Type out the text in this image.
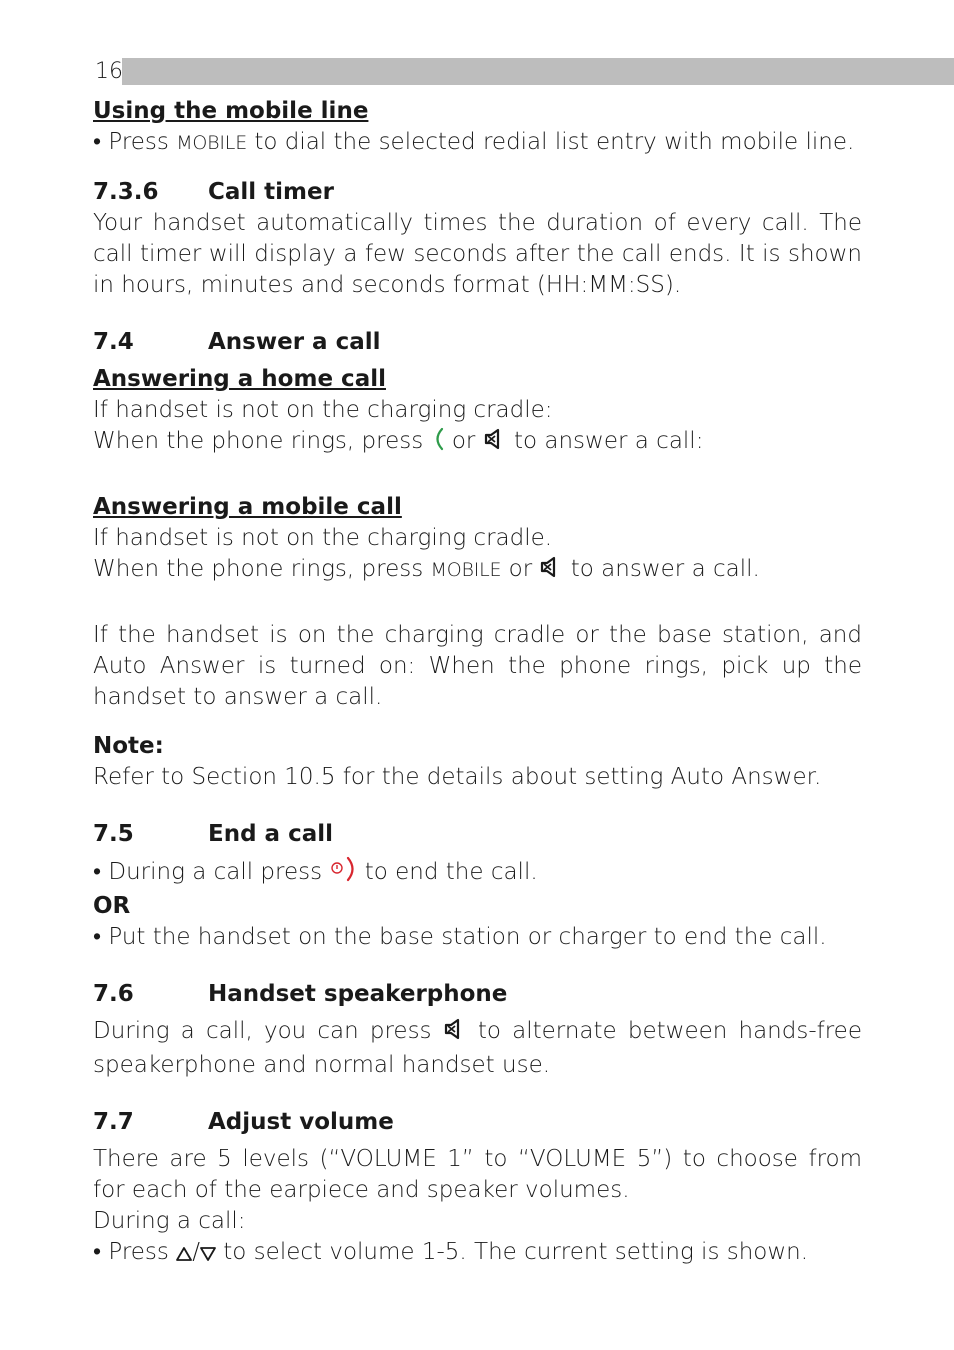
16

Using the mobile line

• Press MOBILE to dial the selected redial list entry with mobile line.

7.3.6 Call timer

Your handset automatically times the duration of every call. The call timer will display a few seconds after the call ends. It is shown in hours, minutes and seconds format (HH:MM:SS).

7.4	Answer a call

Answering a home call

If handset is not on the charging cradle:

When the phone rings, press  or  to answer a call:

Answering a mobile call

If handset is not on the charging cradle.

When the phone rings, press MOBILE or  to answer a call.

If the handset is on the charging cradle or the base station, and Auto Answer is turned on: When the phone rings, pick up the handset to answer a call.

Note:

Refer to Section 10.5 for the details about setting Auto Answer.

7.5	End a call

• During a call press  to end the call.

OR

• Put the handset on the base station or charger to end the call.

7.6	Handset speakerphone

During a call, you can press  to alternate between hands-free speakerphone and normal handset use.

7.7	Adjust volume

There are 5 levels (“VOLUME 1” to “VOLUME 5”) to choose from for each of the earpiece and speaker volumes.

During a call:

• Press / to select volume 1-5. The current setting is shown.
